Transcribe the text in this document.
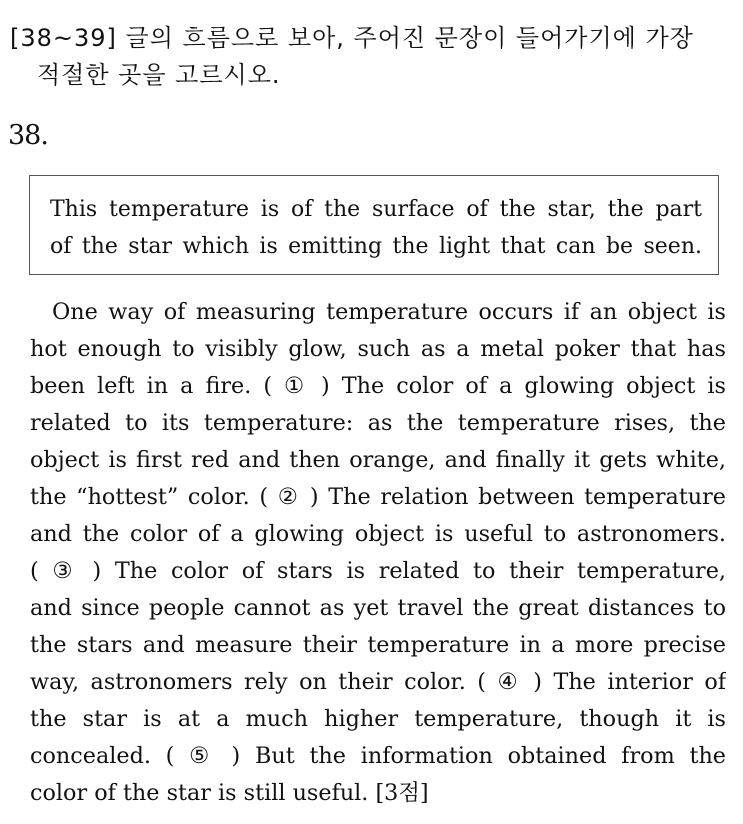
[38~39] 글의 흐름으로 보아, 주어진 문장이 들어가기에 가장
적절한 곳을 고르시오.
38.
This temperature is of the surface of the star, the part
of the star which is emitting the light that can be seen.
One way of measuring temperature occurs if an object is
hot enough to visibly glow, such as a metal poker that has
been left in a fire. ( ① ) The color of a glowing object is
related to its temperature: as the temperature rises, the
object is first red and then orange, and finally it gets white,
the “hottest” color. ( ② ) The relation between temperature
and the color of a glowing object is useful to astronomers.
( ③ ) The color of stars is related to their temperature,
and since people cannot as yet travel the great distances to
the stars and measure their temperature in a more precise
way, astronomers rely on their color. ( ④ ) The interior of
the star is at a much higher temperature, though it is
concealed. ( ⑤ ) But the information obtained from the
color of the star is still useful. [3점]
